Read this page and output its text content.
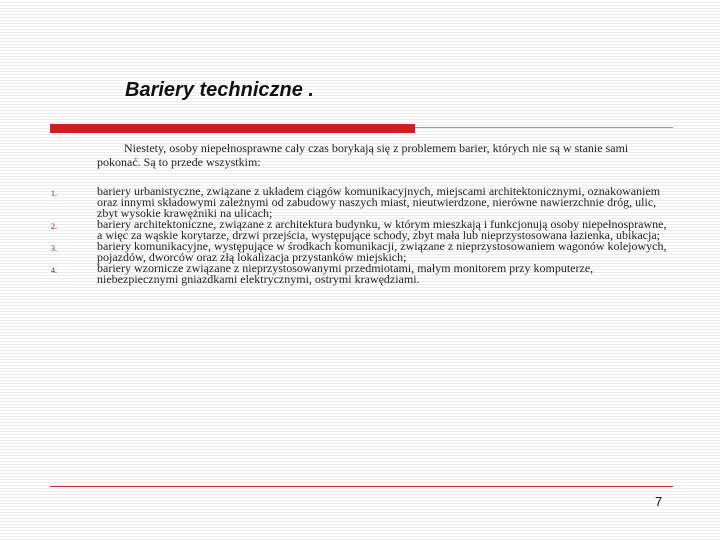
Bariery techniczne .
Niestety, osoby niepełnosprawne cały czas borykają się z problemem barier, których nie są w stanie sami pokonać. Są to przede wszystkim:
1.	bariery urbanistyczne, związane z układem ciągów komunikacyjnych, miejscami architektonicznymi, oznakowaniem oraz innymi składowymi zależnymi od zabudowy naszych miast, nieutwierdzone, nierówne nawierzchnie dróg, ulic, zbyt wysokie krawężniki na ulicach;
2.	bariery architektoniczne, związane z architektura budynku, w którym mieszkają i funkcjonują osoby niepełnosprawne, a więc za wąskie korytarze, drzwi przejścia, występujące schody, zbyt mała lub nieprzystosowana łazienka, ubikacja;
3.	bariery komunikacyjne, występujące w środkach komunikacji, związane z nieprzystosowaniem wagonów kolejowych, pojazdów, dworców oraz złą lokalizacja przystanków miejskich;
4.	bariery wzornicze związane z nieprzystosowanymi przedmiotami, małym monitorem przy komputerze, niebezpiecznymi gniazdkami elektrycznymi, ostrymi krawędziami.
7
